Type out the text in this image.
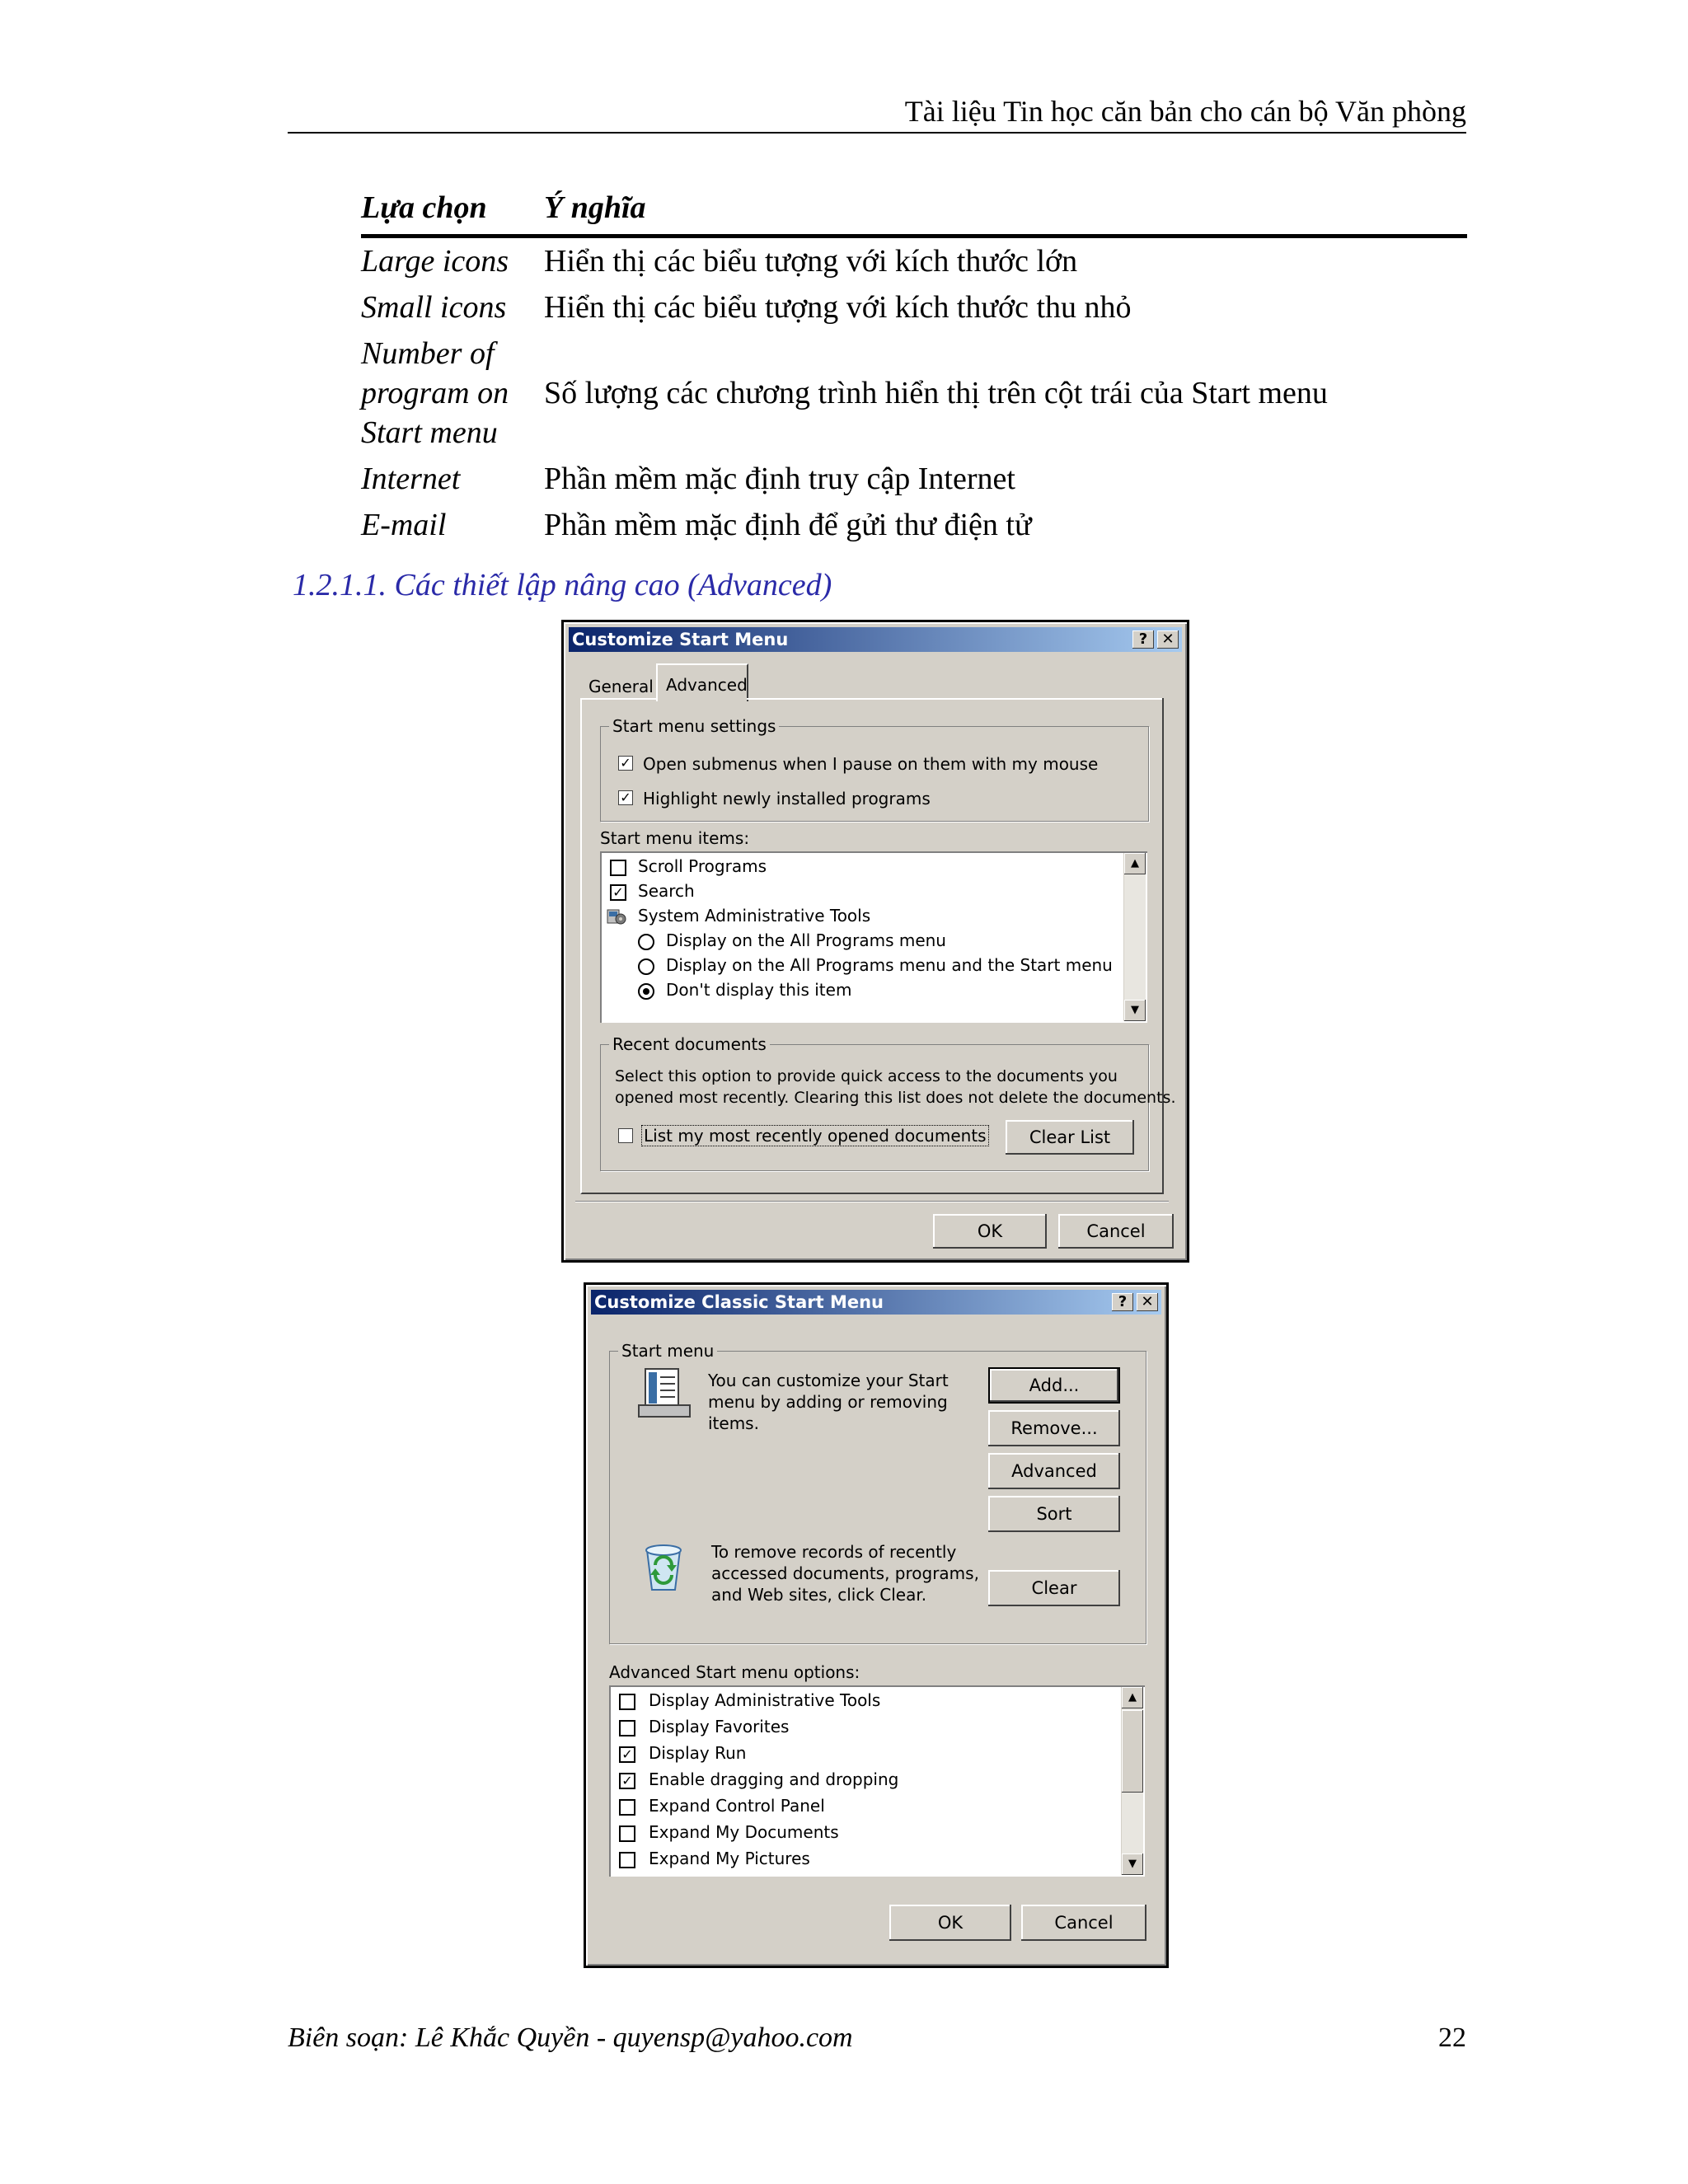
Tài liệu Tin học căn bản cho cán bộ Văn phòng
Lựa chọn	Ý nghĩa
Large icons	Hiển thị các biểu tượng với kích thước lớn
Small icons	Hiển thị các biểu tượng với kích thước thu nhỏ
Number of program on Start menu	Số lượng các chương trình hiển thị trên cột trái của Start menu
Internet	Phần mềm mặc định truy cập Internet
E-mail	Phần mềm mặc định để gửi thư điện tử
1.2.1.1. Các thiết lập nâng cao (Advanced)
Customize Start Menu	? ✕
General Advanced
Start menu settings
✓ Open submenus when I pause on them with my mouse
✓ Highlight newly installed programs
Start menu items:
Scroll Programs
✓ Search
System Administrative Tools
Display on the All Programs menu
Display on the All Programs menu and the Start menu
Don't display this item
▲
▼
Recent documents
Select this option to provide quick access to the documents you
opened most recently. Clearing this list does not delete the documents.
List my most recently opened documents	Clear List
OK	Cancel
Customize Classic Start Menu	? ✕
Start menu
You can customize your Start
menu by adding or removing
items.
Add...
Remove...
Advanced
Sort
To remove records of recently
accessed documents, programs,
and Web sites, click Clear.	Clear
Advanced Start menu options:
Display Administrative Tools
Display Favorites
✓ Display Run
✓ Enable dragging and dropping
Expand Control Panel
Expand My Documents
Expand My Pictures
▲
▼
OK	Cancel
Biên soạn: Lê Khắc Quyền - quyensp@yahoo.com	22
